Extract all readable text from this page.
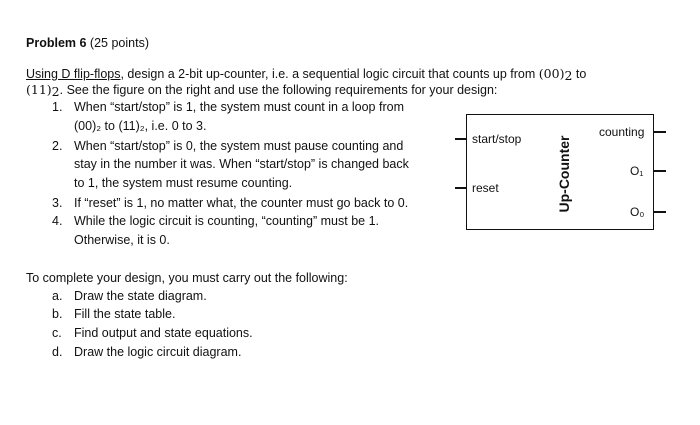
Problem 6 (25 points)
Using D flip-flops, design a 2-bit up-counter, i.e. a sequential logic circuit that counts up from $(00)_2$ to
$(11)_2$. See the figure on the right and use the following requirements for your design:
1. When “start/stop” is 1, the system must count in a loop from
(00)₂ to (11)₂, i.e. 0 to 3.
2. When “start/stop” is 0, the system must pause counting and
stay in the number it was. When “start/stop” is changed back
to 1, the system must resume counting.
3. If “reset” is 1, no matter what, the counter must go back to 0.
4. While the logic circuit is counting, “counting” must be 1.
Otherwise, it is 0.
To complete your design, you must carry out the following:
a. Draw the state diagram.
b. Fill the state table.
c. Find output and state equations.
d. Draw the logic circuit diagram.
Up-Counter
start/stop
reset
counting
O₁
O₀
